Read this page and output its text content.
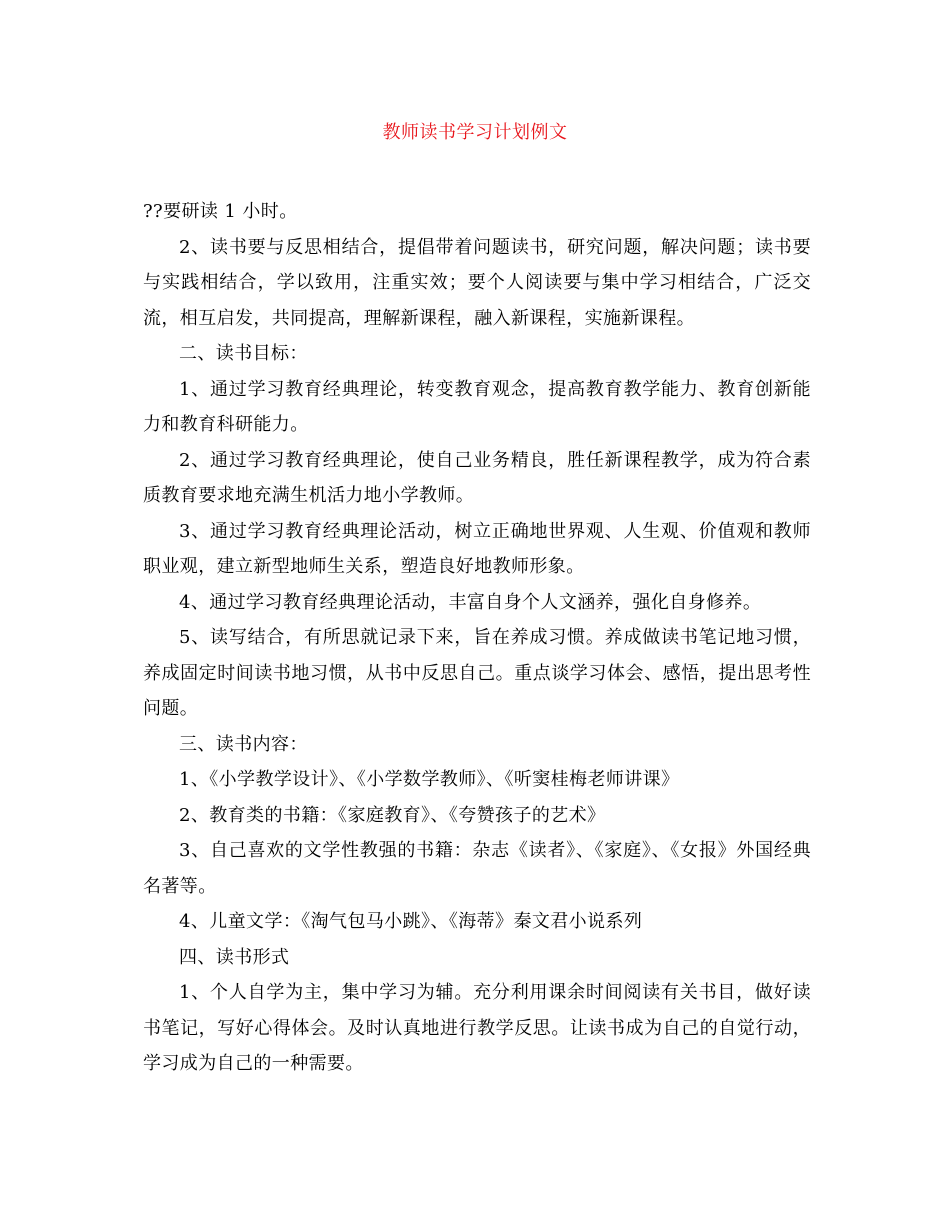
教师读书学习计划例文

??要研读 1 小时。

2、读书要与反思相结合，提倡带着问题读书，研究问题，解决问题；读书要与实践相结合，学以致用，注重实效；要个人阅读要与集中学习相结合，广泛交流，相互启发，共同提高，理解新课程，融入新课程，实施新课程。

二、读书目标：

1、通过学习教育经典理论，转变教育观念，提高教育教学能力、教育创新能力和教育科研能力。

2、通过学习教育经典理论，使自己业务精良，胜任新课程教学，成为符合素质教育要求地充满生机活力地小学教师。

3、通过学习教育经典理论活动，树立正确地世界观、人生观、价值观和教师职业观，建立新型地师生关系，塑造良好地教师形象。

4、通过学习教育经典理论活动，丰富自身个人文涵养，强化自身修养。

5、读写结合，有所思就记录下来，旨在养成习惯。养成做读书笔记地习惯，养成固定时间读书地习惯，从书中反思自己。重点谈学习体会、感悟，提出思考性问题。

三、读书内容：

1、《小学教学设计》、《小学数学教师》、《听窦桂梅老师讲课》

2、教育类的书籍：《家庭教育》、《夸赞孩子的艺术》

3、自己喜欢的文学性教强的书籍：杂志《读者》、《家庭》、《女报》外国经典名著等。

4、儿童文学：《淘气包马小跳》、《海蒂》秦文君小说系列

四、读书形式

1、个人自学为主，集中学习为辅。充分利用课余时间阅读有关书目，做好读书笔记，写好心得体会。及时认真地进行教学反思。让读书成为自己的自觉行动，学习成为自己的一种需要。
